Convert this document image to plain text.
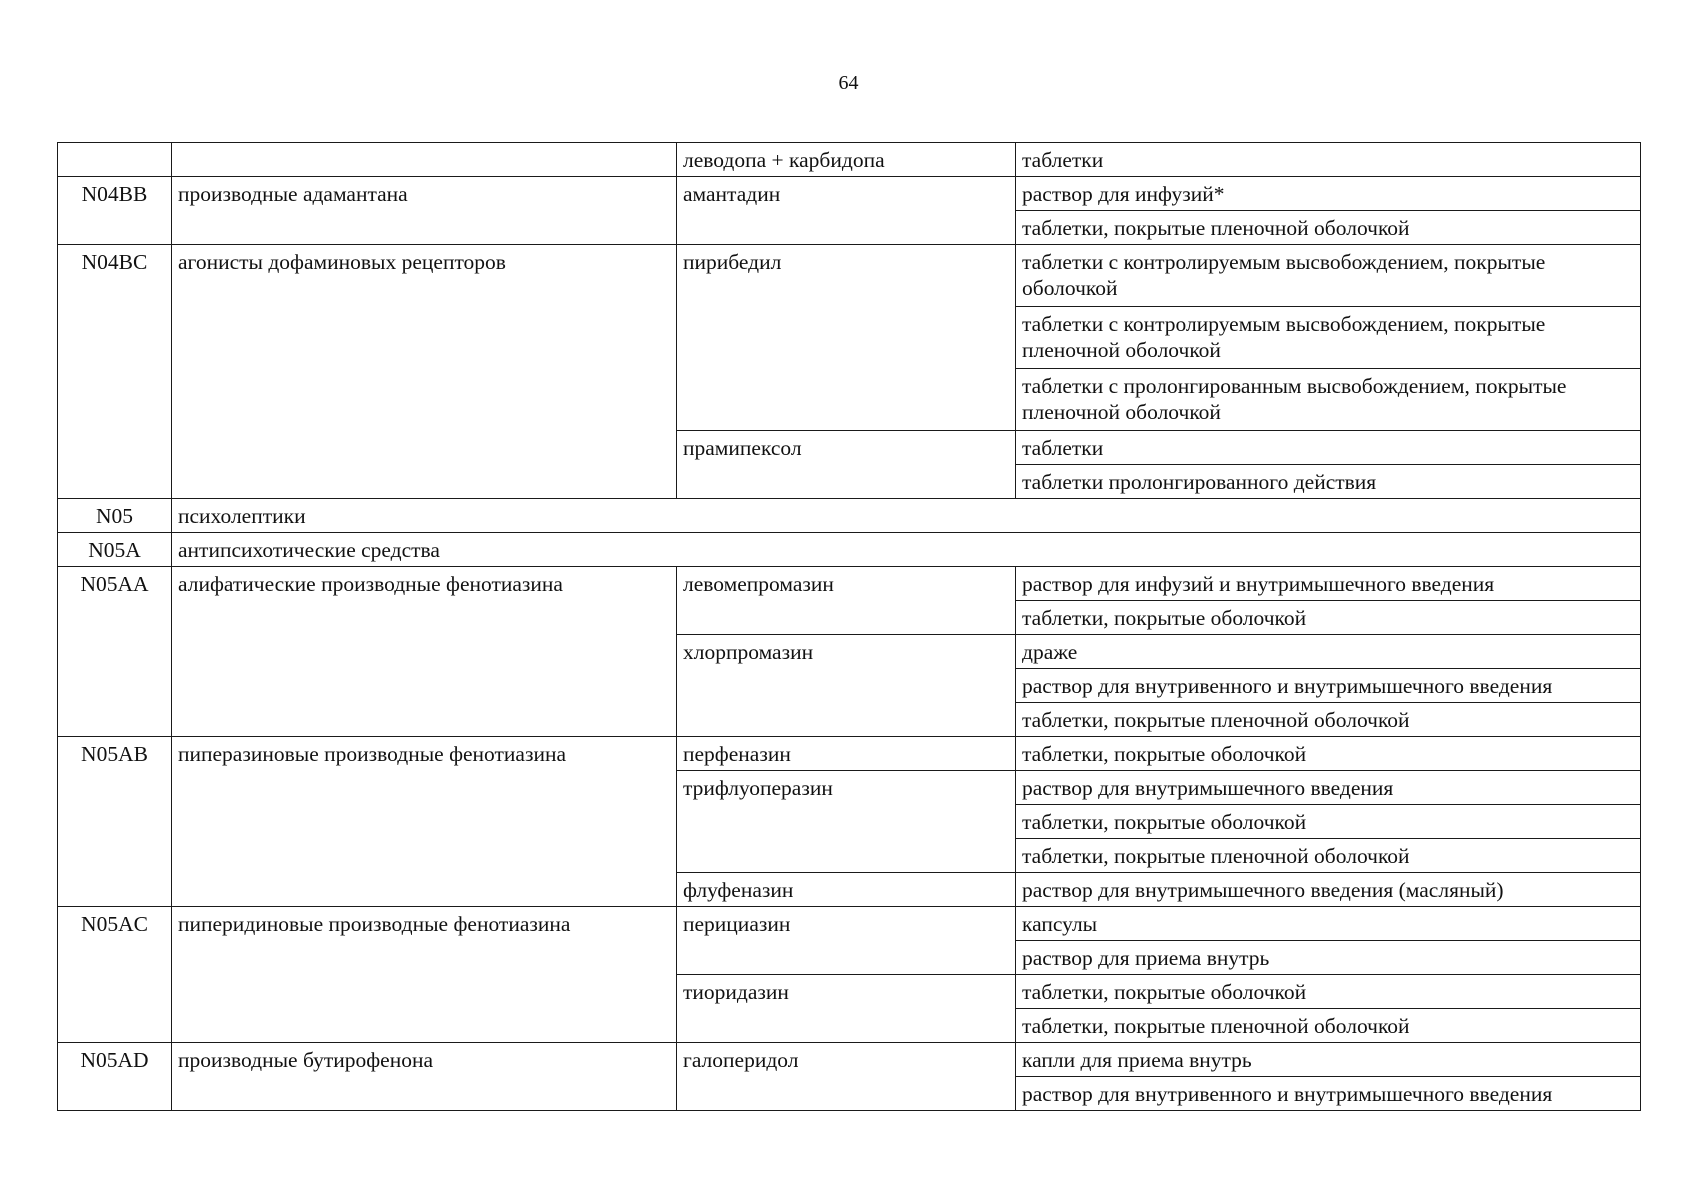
64
		леводопа + карбидопа	таблетки
N04BB	производные адамантана	амантадин	раствор для инфузий*
			таблетки, покрытые пленочной оболочкой
N04BC	агонисты дофаминовых рецепторов	пирибедил	таблетки с контролируемым высвобождением, покрытые оболочкой
			таблетки с контролируемым высвобождением, покрытые пленочной оболочкой
			таблетки с пролонгированным высвобождением, покрытые пленочной оболочкой
		прамипексол	таблетки
			таблетки пролонгированного действия
N05	психолептики		
N05A	антипсихотические средства		
N05AA	алифатические производные фенотиазина	левомепромазин	раствор для инфузий и внутримышечного введения
			таблетки, покрытые оболочкой
		хлорпромазин	драже
			раствор для внутривенного и внутримышечного введения
			таблетки, покрытые пленочной оболочкой
N05AB	пиперазиновые производные фенотиазина	перфеназин	таблетки, покрытые оболочкой
		трифлуоперазин	раствор для внутримышечного введения
			таблетки, покрытые оболочкой
			таблетки, покрытые пленочной оболочкой
		флуфеназин	раствор для внутримышечного введения (масляный)
N05AC	пиперидиновые производные фенотиазина	перициазин	капсулы
			раствор для приема внутрь
		тиоридазин	таблетки, покрытые оболочкой
			таблетки, покрытые пленочной оболочкой
N05AD	производные бутирофенона	галоперидол	капли для приема внутрь
			раствор для внутривенного и внутримышечного введения
